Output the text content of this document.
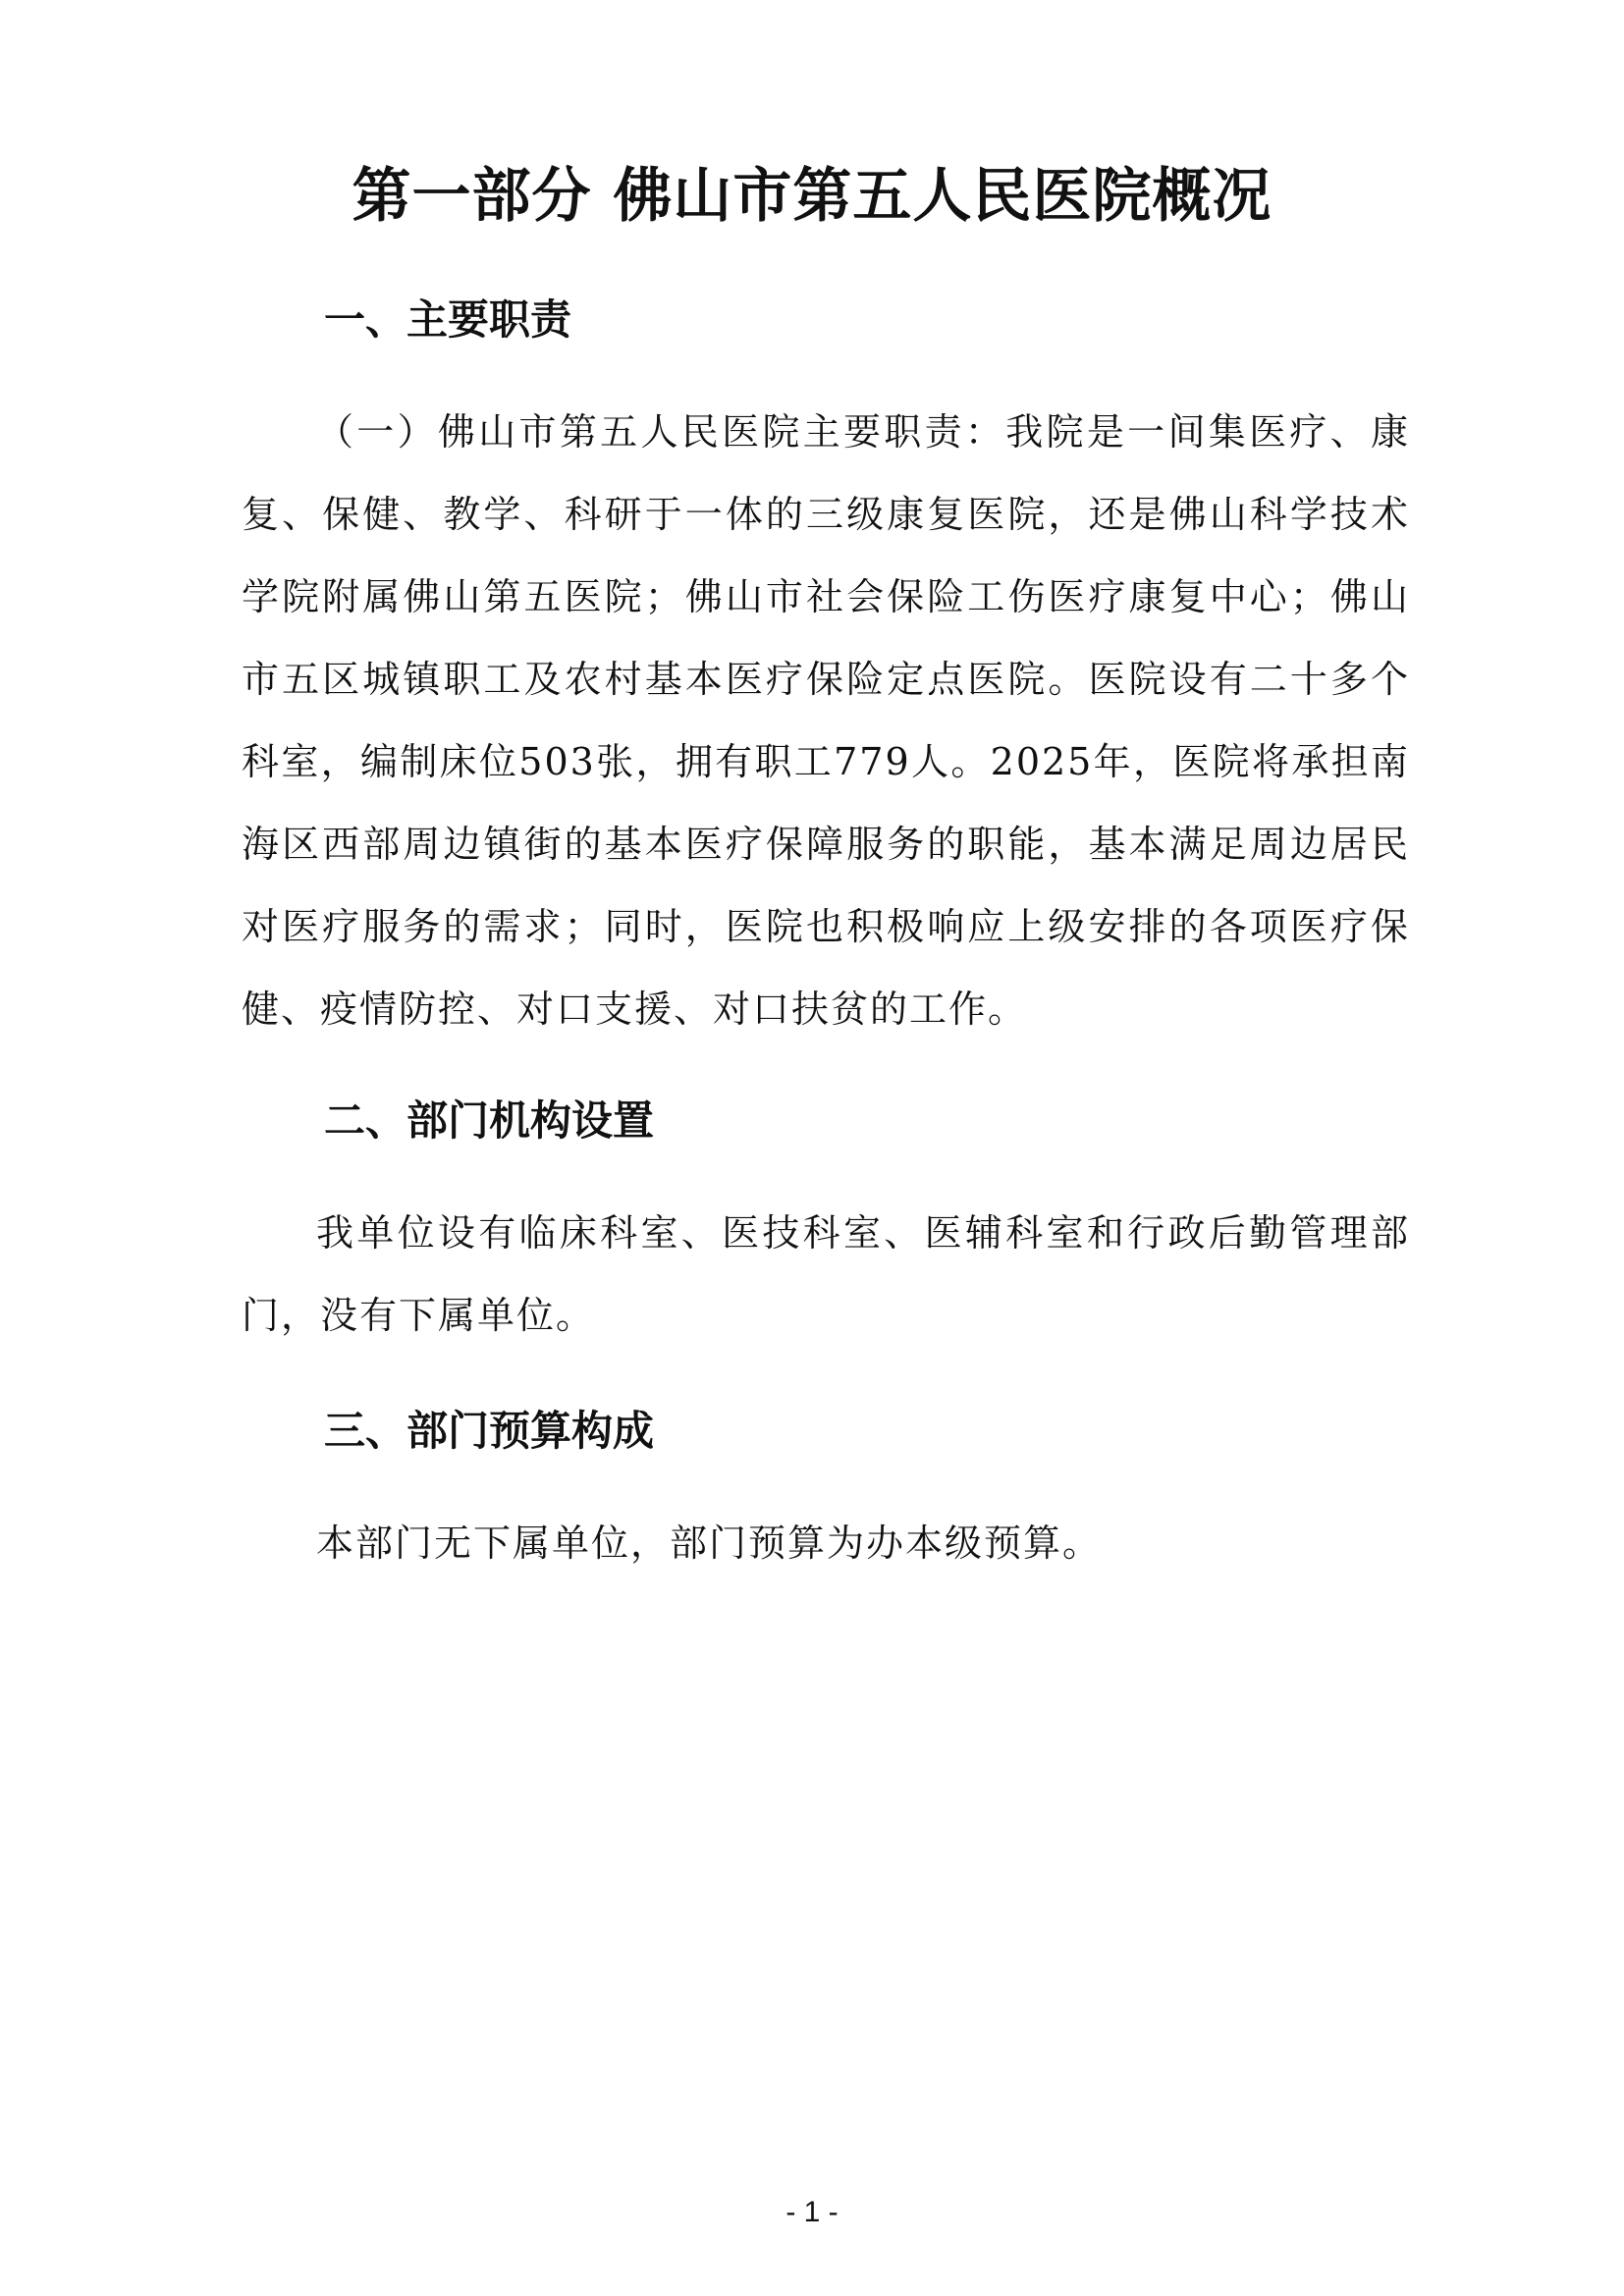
第一部分 佛山市第五人民医院概况
一、主要职责

（一）佛山市第五人民医院主要职责：我院是一间集医疗、康复、保健、教学、科研于一体的三级康复医院，还是佛山科学技术学院附属佛山第五医院；佛山市社会保险工伤医疗康复中心；佛山市五区城镇职工及农村基本医疗保险定点医院。医院设有二十多个科室，编制床位503张，拥有职工779人。2025年，医院将承担南海区西部周边镇街的基本医疗保障服务的职能，基本满足周边居民对医疗服务的需求；同时，医院也积极响应上级安排的各项医疗保健、疫情防控、对口支援、对口扶贫的工作。

二、部门机构设置

我单位设有临床科室、医技科室、医辅科室和行政后勤管理部门，没有下属单位。

三、部门预算构成

本部门无下属单位，部门预算为办本级预算。

- 1 -
